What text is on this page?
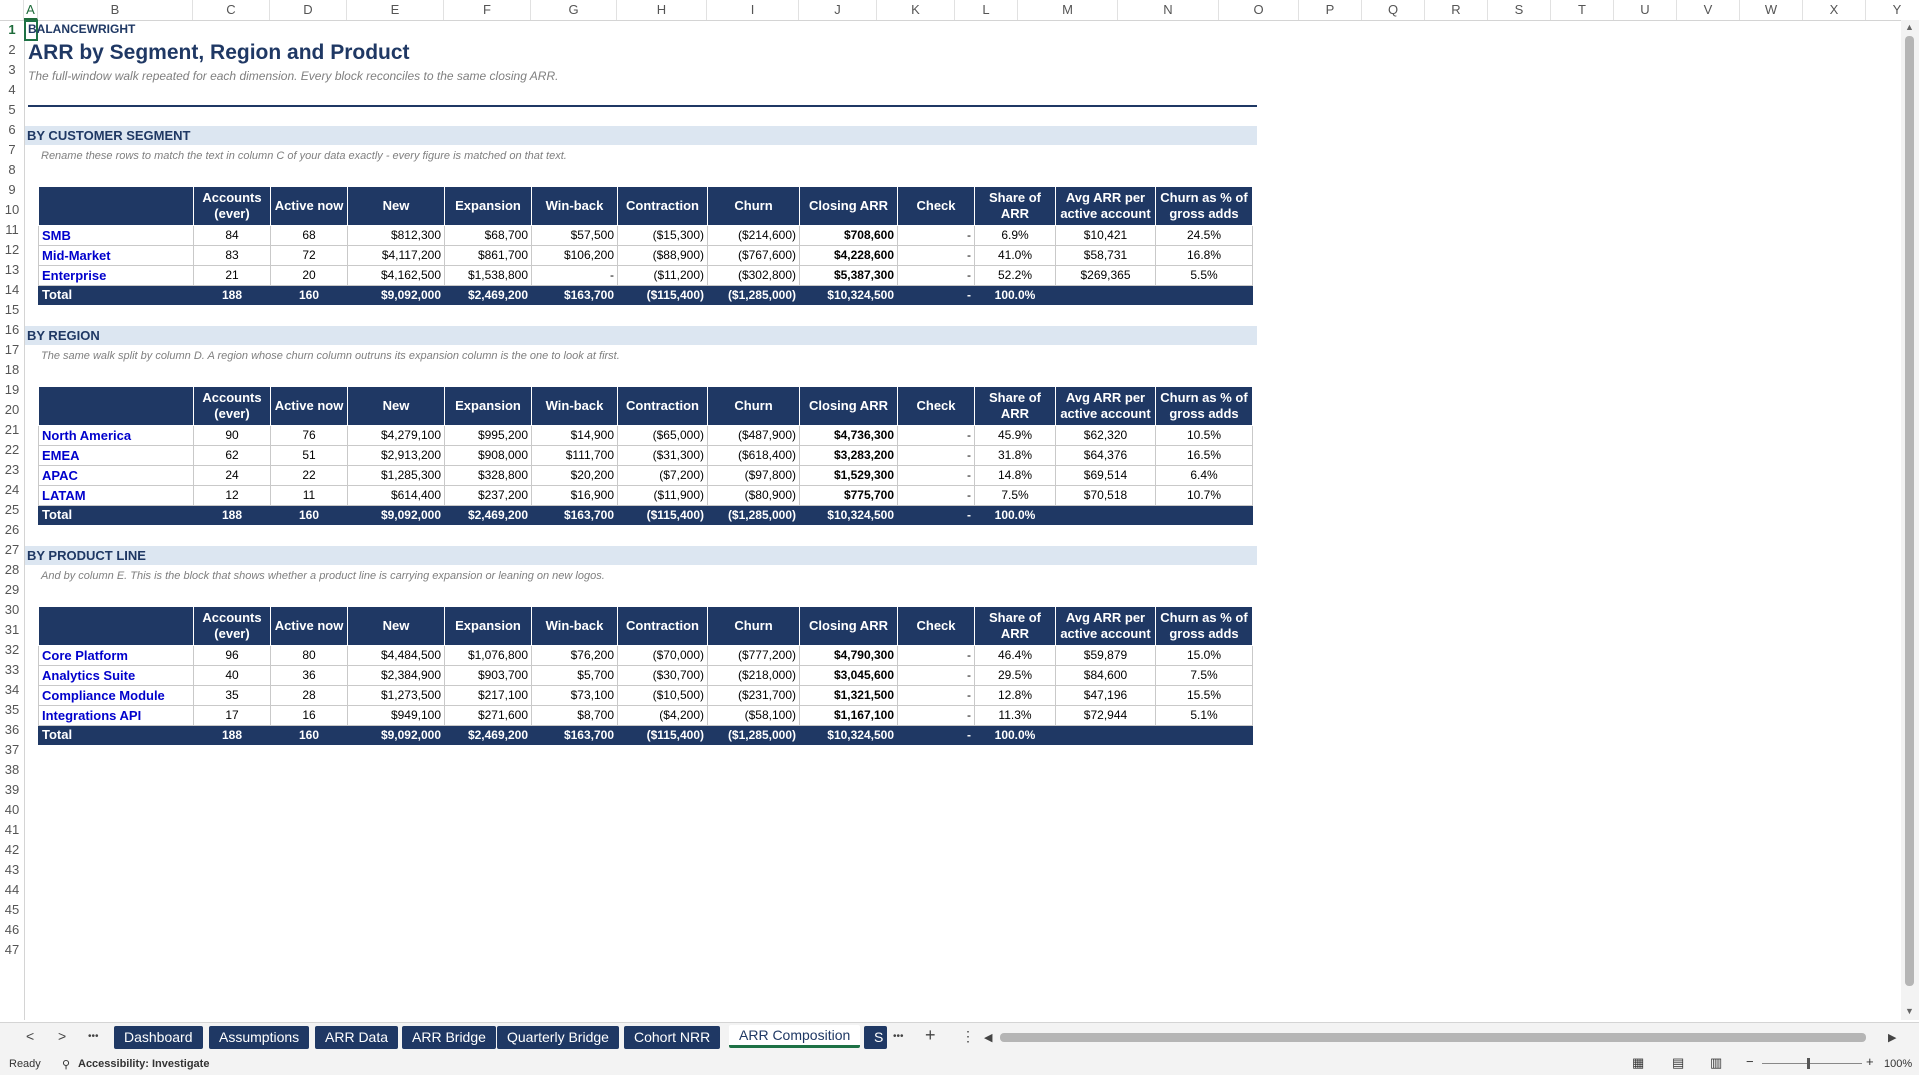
A	B	C	D	E	F	G	H	I	J	K	L	M	N	O	P	Q	R	S	T	U	V	W	X	Y
1
2
3
4
5
6
7
8
9
10
11
12
13
14
15
16
17
18
19
20
21
22
23
24
25
26
27
28
29
30
31
32
33
34
35
36
37
38
39
40
41
42
43
44
45
46
47
BALANCEWRIGHT
ARR by Segment, Region and Product
The full-window walk repeated for each dimension. Every block reconciles to the same closing ARR.
BY CUSTOMER SEGMENT
Rename these rows to match the text in column C of your data exactly - every figure is matched on that text.
	Accounts (ever)	Active now	New	Expansion	Win-back	Contraction	Churn	Closing ARR	Check	Share of ARR	Avg ARR per active account	Churn as % of gross adds
SMB	84	68	$812,300	$68,700	$57,500	($15,300)	($214,600)	$708,600	-	6.9%	$10,421	24.5%
Mid-Market	83	72	$4,117,200	$861,700	$106,200	($88,900)	($767,600)	$4,228,600	-	41.0%	$58,731	16.8%
Enterprise	21	20	$4,162,500	$1,538,800	-	($11,200)	($302,800)	$5,387,300	-	52.2%	$269,365	5.5%
Total	188	160	$9,092,000	$2,469,200	$163,700	($115,400)	($1,285,000)	$10,324,500	-	100.0%		
BY REGION
The same walk split by column D. A region whose churn column outruns its expansion column is the one to look at first.
	Accounts (ever)	Active now	New	Expansion	Win-back	Contraction	Churn	Closing ARR	Check	Share of ARR	Avg ARR per active account	Churn as % of gross adds
North America	90	76	$4,279,100	$995,200	$14,900	($65,000)	($487,900)	$4,736,300	-	45.9%	$62,320	10.5%
EMEA	62	51	$2,913,200	$908,000	$111,700	($31,300)	($618,400)	$3,283,200	-	31.8%	$64,376	16.5%
APAC	24	22	$1,285,300	$328,800	$20,200	($7,200)	($97,800)	$1,529,300	-	14.8%	$69,514	6.4%
LATAM	12	11	$614,400	$237,200	$16,900	($11,900)	($80,900)	$775,700	-	7.5%	$70,518	10.7%
Total	188	160	$9,092,000	$2,469,200	$163,700	($115,400)	($1,285,000)	$10,324,500	-	100.0%		
BY PRODUCT LINE
And by column E. This is the block that shows whether a product line is carrying expansion or leaning on new logos.
	Accounts (ever)	Active now	New	Expansion	Win-back	Contraction	Churn	Closing ARR	Check	Share of ARR	Avg ARR per active account	Churn as % of gross adds
Core Platform	96	80	$4,484,500	$1,076,800	$76,200	($70,000)	($777,200)	$4,790,300	-	46.4%	$59,879	15.0%
Analytics Suite	40	36	$2,384,900	$903,700	$5,700	($30,700)	($218,000)	$3,045,600	-	29.5%	$84,600	7.5%
Compliance Module	35	28	$1,273,500	$217,100	$73,100	($10,500)	($231,700)	$1,321,500	-	12.8%	$47,196	15.5%
Integrations API	17	16	$949,100	$271,600	$8,700	($4,200)	($58,100)	$1,167,100	-	11.3%	$72,944	5.1%
Total	188	160	$9,092,000	$2,469,200	$163,700	($115,400)	($1,285,000)	$10,324,500	-	100.0%		
▲
▼
< > •••	••• + ⋮ ◀	▶
Dashboard	Assumptions	ARR Data	ARR Bridge	Quarterly Bridge	Cohort NRR	ARR Composition	S
Ready ⚲ Accessibility: Investigate	▦ ▤ ▥ −	+ 100%
